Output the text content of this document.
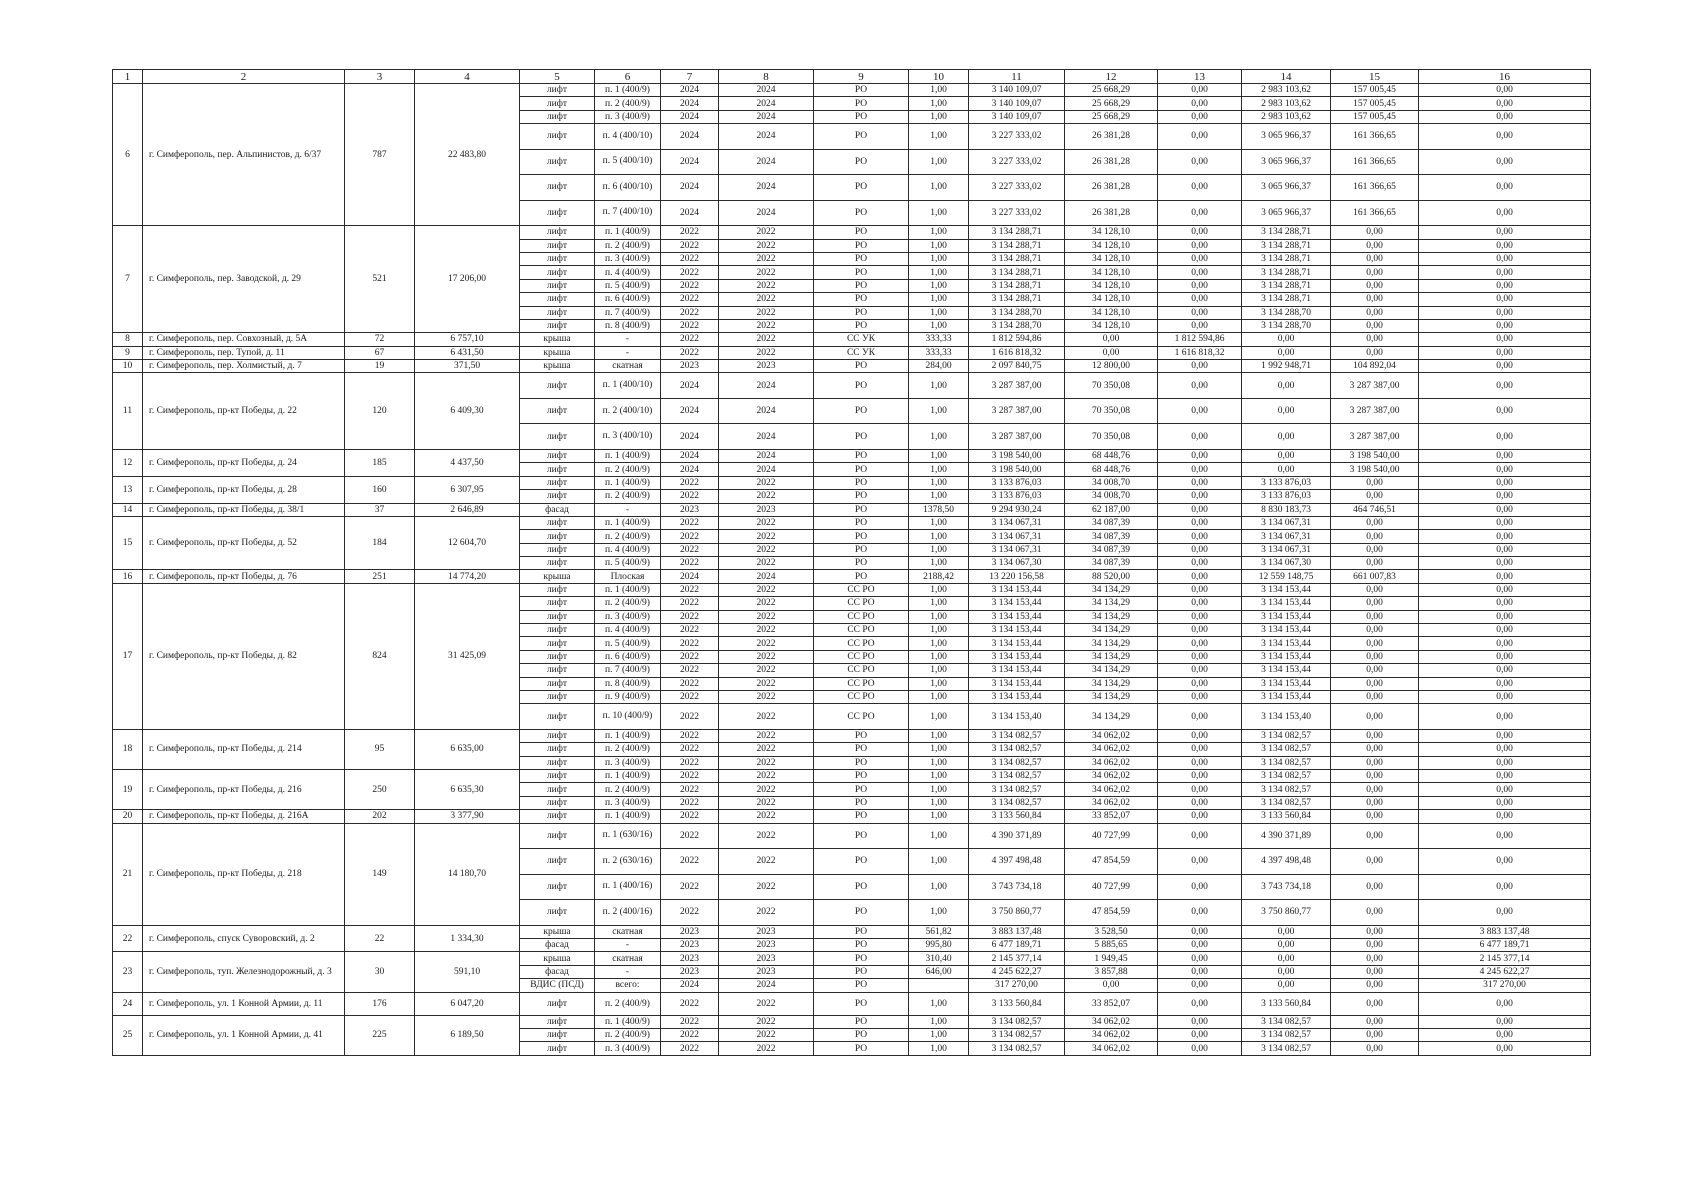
1	2	3	4	5	6	7	8	9	10	11	12	13	14	15	16
6	г. Симферополь, пер. Альпинистов, д. 6/37	787	22 483,80	лифт	п. 1 (400/9)	2024	2024	РО	1,00	3 140 109,07	25 668,29	0,00	2 983 103,62	157 005,45	0,00
				лифт	п. 2 (400/9)	2024	2024	РО	1,00	3 140 109,07	25 668,29	0,00	2 983 103,62	157 005,45	0,00
				лифт	п. 3 (400/9)	2024	2024	РО	1,00	3 140 109,07	25 668,29	0,00	2 983 103,62	157 005,45	0,00
				лифт	п. 4 (400/10)	2024	2024	РО	1,00	3 227 333,02	26 381,28	0,00	3 065 966,37	161 366,65	0,00
				лифт	п. 5 (400/10)	2024	2024	РО	1,00	3 227 333,02	26 381,28	0,00	3 065 966,37	161 366,65	0,00
				лифт	п. 6 (400/10)	2024	2024	РО	1,00	3 227 333,02	26 381,28	0,00	3 065 966,37	161 366,65	0,00
				лифт	п. 7 (400/10)	2024	2024	РО	1,00	3 227 333,02	26 381,28	0,00	3 065 966,37	161 366,65	0,00
7	г. Симферополь, пер. Заводской, д. 29	521	17 206,00	лифт	п. 1 (400/9)	2022	2022	РО	1,00	3 134 288,71	34 128,10	0,00	3 134 288,71	0,00	0,00
				лифт	п. 2 (400/9)	2022	2022	РО	1,00	3 134 288,71	34 128,10	0,00	3 134 288,71	0,00	0,00
				лифт	п. 3 (400/9)	2022	2022	РО	1,00	3 134 288,71	34 128,10	0,00	3 134 288,71	0,00	0,00
				лифт	п. 4 (400/9)	2022	2022	РО	1,00	3 134 288,71	34 128,10	0,00	3 134 288,71	0,00	0,00
				лифт	п. 5 (400/9)	2022	2022	РО	1,00	3 134 288,71	34 128,10	0,00	3 134 288,71	0,00	0,00
				лифт	п. 6 (400/9)	2022	2022	РО	1,00	3 134 288,71	34 128,10	0,00	3 134 288,71	0,00	0,00
				лифт	п. 7 (400/9)	2022	2022	РО	1,00	3 134 288,70	34 128,10	0,00	3 134 288,70	0,00	0,00
				лифт	п. 8 (400/9)	2022	2022	РО	1,00	3 134 288,70	34 128,10	0,00	3 134 288,70	0,00	0,00
8	г. Симферополь, пер. Совхозный, д. 5А	72	6 757,10	крыша	-	2022	2022	СС УК	333,33	1 812 594,86	0,00	1 812 594,86	0,00	0,00	0,00
9	г. Симферополь, пер. Тупой, д. 11	67	6 431,50	крыша	-	2022	2022	СС УК	333,33	1 616 818,32	0,00	1 616 818,32	0,00	0,00	0,00
10	г. Симферополь, пер. Холмистый, д. 7	19	371,50	крыша	скатная	2023	2023	РО	284,00	2 097 840,75	12 800,00	0,00	1 992 948,71	104 892,04	0,00
11	г. Симферополь, пр-кт Победы, д. 22	120	6 409,30	лифт	п. 1 (400/10)	2024	2024	РО	1,00	3 287 387,00	70 350,08	0,00	0,00	3 287 387,00	0,00
				лифт	п. 2 (400/10)	2024	2024	РО	1,00	3 287 387,00	70 350,08	0,00	0,00	3 287 387,00	0,00
				лифт	п. 3 (400/10)	2024	2024	РО	1,00	3 287 387,00	70 350,08	0,00	0,00	3 287 387,00	0,00
12	г. Симферополь, пр-кт Победы, д. 24	185	4 437,50	лифт	п. 1 (400/9)	2024	2024	РО	1,00	3 198 540,00	68 448,76	0,00	0,00	3 198 540,00	0,00
				лифт	п. 2 (400/9)	2024	2024	РО	1,00	3 198 540,00	68 448,76	0,00	0,00	3 198 540,00	0,00
13	г. Симферополь, пр-кт Победы, д. 28	160	6 307,95	лифт	п. 1 (400/9)	2022	2022	РО	1,00	3 133 876,03	34 008,70	0,00	3 133 876,03	0,00	0,00
				лифт	п. 2 (400/9)	2022	2022	РО	1,00	3 133 876,03	34 008,70	0,00	3 133 876,03	0,00	0,00
14	г. Симферополь, пр-кт Победы, д. 38/1	37	2 646,89	фасад	-	2023	2023	РО	1378,50	9 294 930,24	62 187,00	0,00	8 830 183,73	464 746,51	0,00
15	г. Симферополь, пр-кт Победы, д. 52	184	12 604,70	лифт	п. 1 (400/9)	2022	2022	РО	1,00	3 134 067,31	34 087,39	0,00	3 134 067,31	0,00	0,00
				лифт	п. 2 (400/9)	2022	2022	РО	1,00	3 134 067,31	34 087,39	0,00	3 134 067,31	0,00	0,00
				лифт	п. 4 (400/9)	2022	2022	РО	1,00	3 134 067,31	34 087,39	0,00	3 134 067,31	0,00	0,00
				лифт	п. 5 (400/9)	2022	2022	РО	1,00	3 134 067,30	34 087,39	0,00	3 134 067,30	0,00	0,00
16	г. Симферополь, пр-кт Победы, д. 76	251	14 774,20	крыша	Плоская	2024	2024	РО	2188,42	13 220 156,58	88 520,00	0,00	12 559 148,75	661 007,83	0,00
17	г. Симферополь, пр-кт Победы, д. 82	824	31 425,09	лифт	п. 1 (400/9)	2022	2022	СС РО	1,00	3 134 153,44	34 134,29	0,00	3 134 153,44	0,00	0,00
				лифт	п. 2 (400/9)	2022	2022	СС РО	1,00	3 134 153,44	34 134,29	0,00	3 134 153,44	0,00	0,00
				лифт	п. 3 (400/9)	2022	2022	СС РО	1,00	3 134 153,44	34 134,29	0,00	3 134 153,44	0,00	0,00
				лифт	п. 4 (400/9)	2022	2022	СС РО	1,00	3 134 153,44	34 134,29	0,00	3 134 153,44	0,00	0,00
				лифт	п. 5 (400/9)	2022	2022	СС РО	1,00	3 134 153,44	34 134,29	0,00	3 134 153,44	0,00	0,00
				лифт	п. 6 (400/9)	2022	2022	СС РО	1,00	3 134 153,44	34 134,29	0,00	3 134 153,44	0,00	0,00
				лифт	п. 7 (400/9)	2022	2022	СС РО	1,00	3 134 153,44	34 134,29	0,00	3 134 153,44	0,00	0,00
				лифт	п. 8 (400/9)	2022	2022	СС РО	1,00	3 134 153,44	34 134,29	0,00	3 134 153,44	0,00	0,00
				лифт	п. 9 (400/9)	2022	2022	СС РО	1,00	3 134 153,44	34 134,29	0,00	3 134 153,44	0,00	0,00
				лифт	п. 10 (400/9)	2022	2022	СС РО	1,00	3 134 153,40	34 134,29	0,00	3 134 153,40	0,00	0,00
18	г. Симферополь, пр-кт Победы, д. 214	95	6 635,00	лифт	п. 1 (400/9)	2022	2022	РО	1,00	3 134 082,57	34 062,02	0,00	3 134 082,57	0,00	0,00
				лифт	п. 2 (400/9)	2022	2022	РО	1,00	3 134 082,57	34 062,02	0,00	3 134 082,57	0,00	0,00
				лифт	п. 3 (400/9)	2022	2022	РО	1,00	3 134 082,57	34 062,02	0,00	3 134 082,57	0,00	0,00
19	г. Симферополь, пр-кт Победы, д. 216	250	6 635,30	лифт	п. 1 (400/9)	2022	2022	РО	1,00	3 134 082,57	34 062,02	0,00	3 134 082,57	0,00	0,00
				лифт	п. 2 (400/9)	2022	2022	РО	1,00	3 134 082,57	34 062,02	0,00	3 134 082,57	0,00	0,00
				лифт	п. 3 (400/9)	2022	2022	РО	1,00	3 134 082,57	34 062,02	0,00	3 134 082,57	0,00	0,00
20	г. Симферополь, пр-кт Победы, д. 216А	202	3 377,90	лифт	п. 1 (400/9)	2022	2022	РО	1,00	3 133 560,84	33 852,07	0,00	3 133 560,84	0,00	0,00
21	г. Симферополь, пр-кт Победы, д. 218	149	14 180,70	лифт	п. 1 (630/16)	2022	2022	РО	1,00	4 390 371,89	40 727,99	0,00	4 390 371,89	0,00	0,00
				лифт	п. 2 (630/16)	2022	2022	РО	1,00	4 397 498,48	47 854,59	0,00	4 397 498,48	0,00	0,00
				лифт	п. 1 (400/16)	2022	2022	РО	1,00	3 743 734,18	40 727,99	0,00	3 743 734,18	0,00	0,00
				лифт	п. 2 (400/16)	2022	2022	РО	1,00	3 750 860,77	47 854,59	0,00	3 750 860,77	0,00	0,00
22	г. Симферополь, спуск Суворовский, д. 2	22	1 334,30	крыша	скатная	2023	2023	РО	561,82	3 883 137,48	3 528,50	0,00	0,00	0,00	3 883 137,48
				фасад	-	2023	2023	РО	995,80	6 477 189,71	5 885,65	0,00	0,00	0,00	6 477 189,71
23	г. Симферополь, туп. Железнодорожный, д. 3	30	591,10	крыша	скатная	2023	2023	РО	310,40	2 145 377,14	1 949,45	0,00	0,00	0,00	2 145 377,14
				фасад	-	2023	2023	РО	646,00	4 245 622,27	3 857,88	0,00	0,00	0,00	4 245 622,27
				ВДИС (ПСД)	всего:	2024	2024	РО		317 270,00	0,00	0,00	0,00	0,00	317 270,00
24	г. Симферополь, ул. 1 Конной Армии, д. 11	176	6 047,20	лифт	п. 2 (400/9)	2022	2022	РО	1,00	3 133 560,84	33 852,07	0,00	3 133 560,84	0,00	0,00
25	г. Симферополь, ул. 1 Конной Армии, д. 41	225	6 189,50	лифт	п. 1 (400/9)	2022	2022	РО	1,00	3 134 082,57	34 062,02	0,00	3 134 082,57	0,00	0,00
				лифт	п. 2 (400/9)	2022	2022	РО	1,00	3 134 082,57	34 062,02	0,00	3 134 082,57	0,00	0,00
				лифт	п. 3 (400/9)	2022	2022	РО	1,00	3 134 082,57	34 062,02	0,00	3 134 082,57	0,00	0,00
